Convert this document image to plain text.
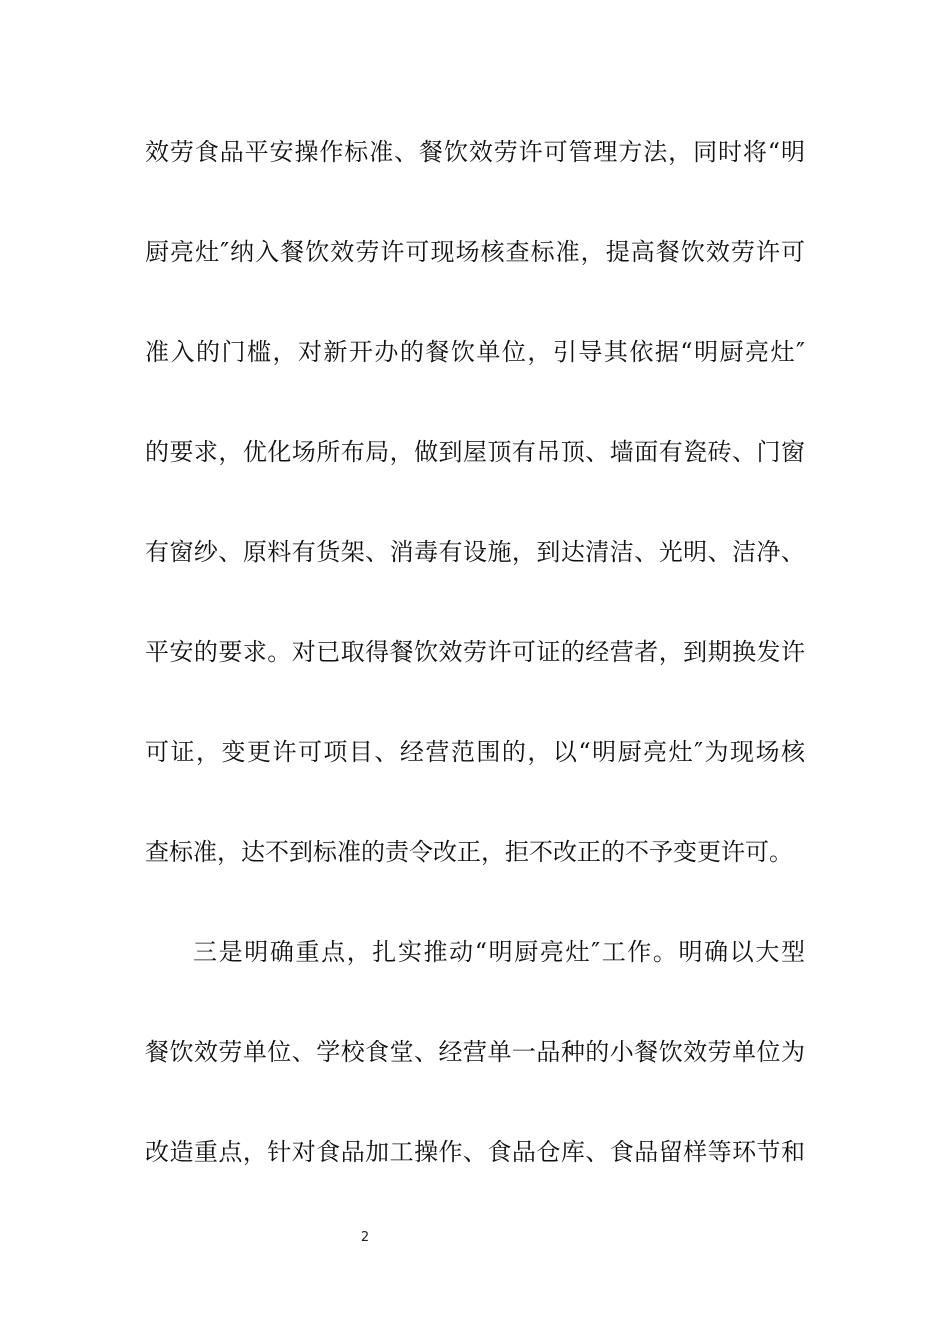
效劳食品平安操作标准、餐饮效劳许可管理方法，同时将“明
厨亮灶″纳入餐饮效劳许可现场核查标准，提高餐饮效劳许可
准入的门槛，对新开办的餐饮单位，引导其依据“明厨亮灶″
的要求，优化场所布局，做到屋顶有吊顶、墙面有瓷砖、门窗
有窗纱、原料有货架、消毒有设施，到达清洁、光明、洁净、
平安的要求。对已取得餐饮效劳许可证的经营者，到期换发许
可证，变更许可项目、经营范围的，以“明厨亮灶″为现场核
查标准，达不到标准的责令改正，拒不改正的不予变更许可。
三是明确重点，扎实推动“明厨亮灶″工作。明确以大型
餐饮效劳单位、学校食堂、经营单一品种的小餐饮效劳单位为
改造重点，针对食品加工操作、食品仓库、食品留样等环节和
2
